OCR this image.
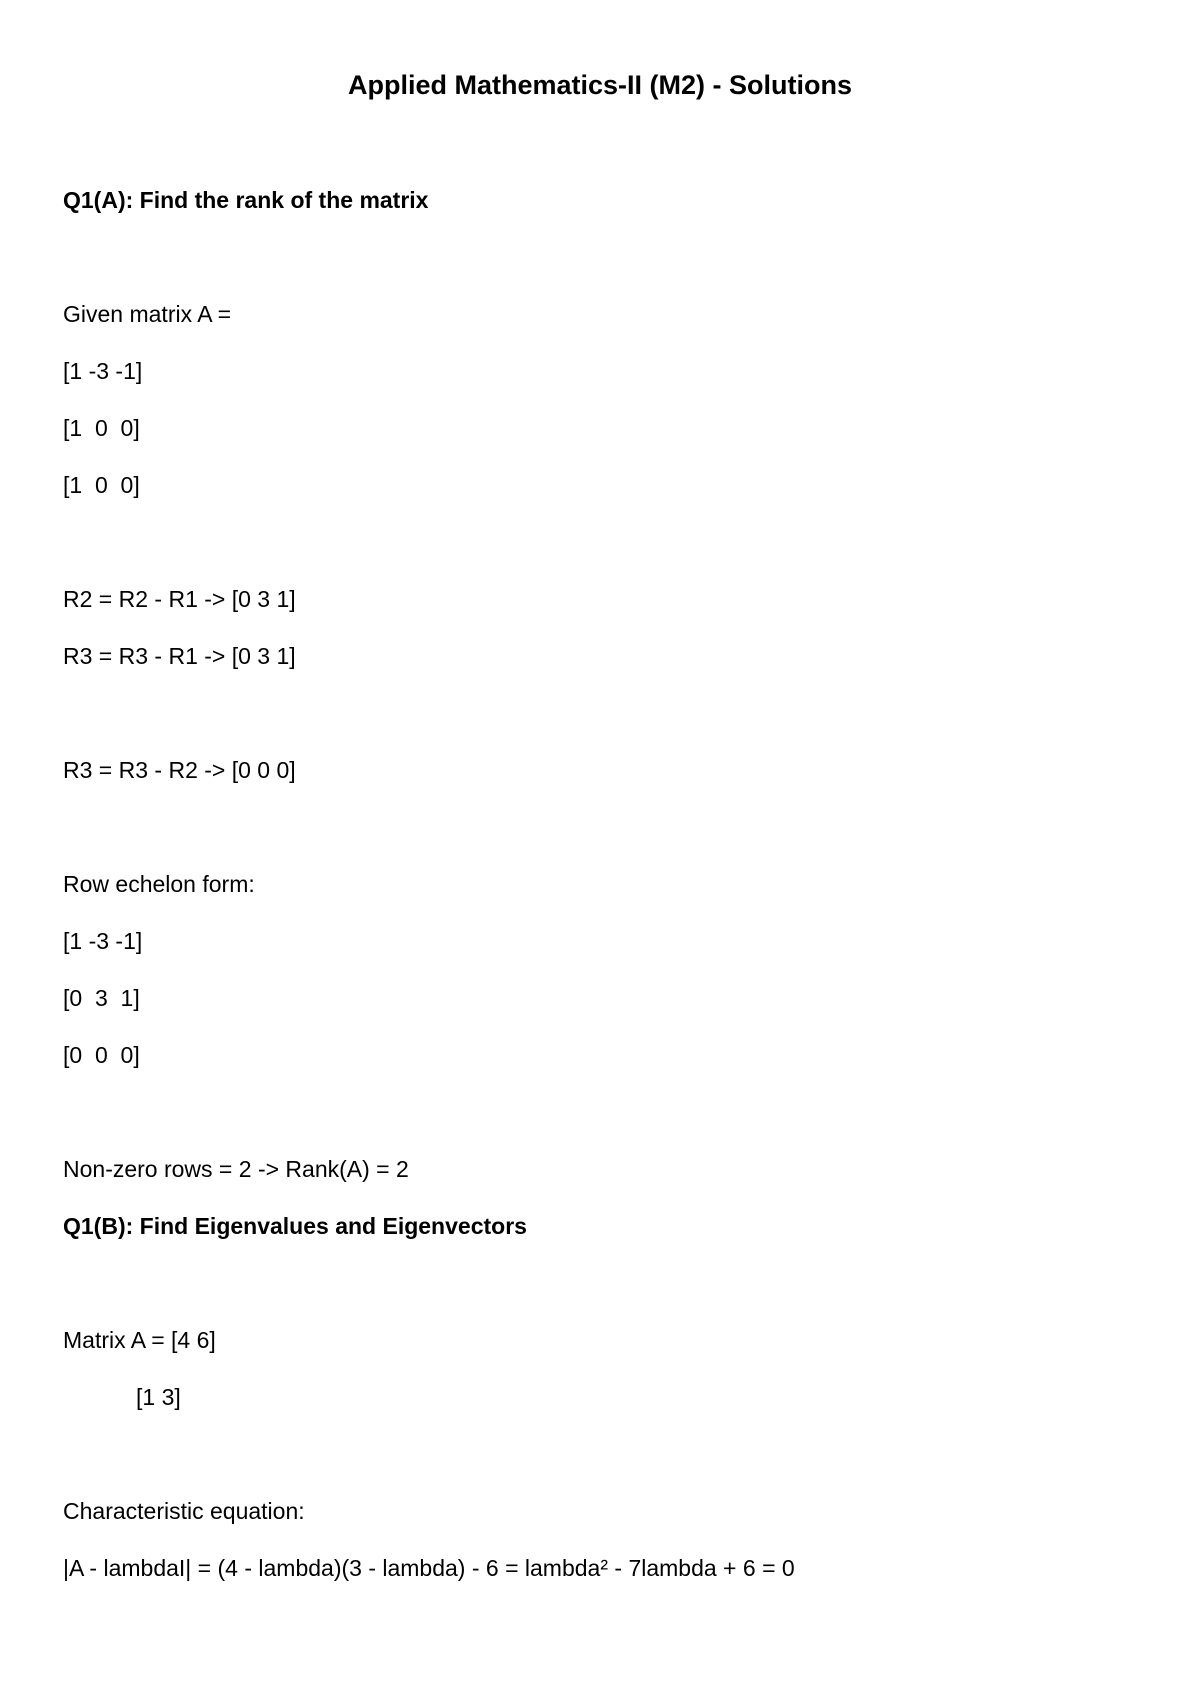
Applied Mathematics-II (M2) - Solutions
Q1(A): Find the rank of the matrix
Given matrix A =
[1 -3 -1]
[1  0  0]
[1  0  0]
R2 = R2 - R1 -> [0 3 1]
R3 = R3 - R1 -> [0 3 1]
R3 = R3 - R2 -> [0 0 0]
Row echelon form:
[1 -3 -1]
[0  3  1]
[0  0  0]
Non-zero rows = 2 -> Rank(A) = 2
Q1(B): Find Eigenvalues and Eigenvectors
Matrix A = [4 6]
[1 3]
Characteristic equation:
|A - lambdaI| = (4 - lambda)(3 - lambda) - 6 = lambda² - 7lambda + 6 = 0
